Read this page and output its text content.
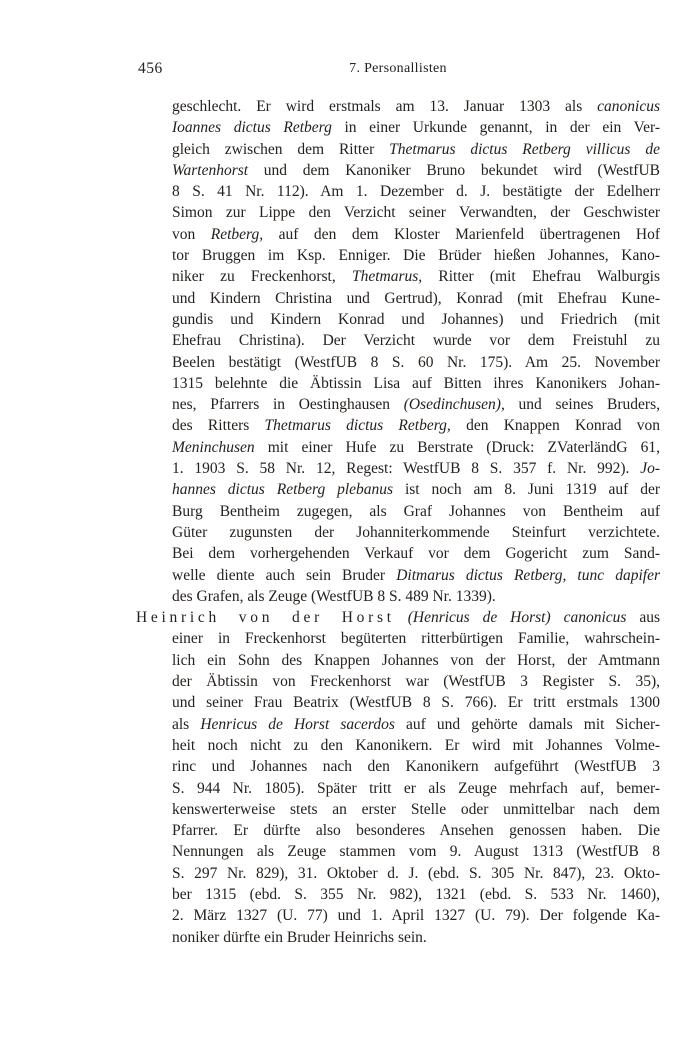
456	7. Personallisten
geschlecht. Er wird erstmals am 13. Januar 1303 als canonicus
Ioannes dictus Retberg in einer Urkunde genannt, in der ein Ver-
gleich zwischen dem Ritter Thetmarus dictus Retberg villicus de
Wartenhorst und dem Kanoniker Bruno bekundet wird (WestfUB
8 S. 41 Nr. 112). Am 1. Dezember d. J. bestätigte der Edelherr
Simon zur Lippe den Verzicht seiner Verwandten, der Geschwister
von Retberg, auf den dem Kloster Marienfeld übertragenen Hof
tor Bruggen im Ksp. Enniger. Die Brüder hießen Johannes, Kano-
niker zu Freckenhorst, Thetmarus, Ritter (mit Ehefrau Walburgis
und Kindern Christina und Gertrud), Konrad (mit Ehefrau Kune-
gundis und Kindern Konrad und Johannes) und Friedrich (mit
Ehefrau Christina). Der Verzicht wurde vor dem Freistuhl zu
Beelen bestätigt (WestfUB 8 S. 60 Nr. 175). Am 25. November
1315 belehnte die Äbtissin Lisa auf Bitten ihres Kanonikers Johan-
nes, Pfarrers in Oestinghausen (Osedinchusen), und seines Bruders,
des Ritters Thetmarus dictus Retberg, den Knappen Konrad von
Meninchusen mit einer Hufe zu Berstrate (Druck: ZVaterländG 61,
1. 1903 S. 58 Nr. 12, Regest: WestfUB 8 S. 357 f. Nr. 992). Jo-
hannes dictus Retberg plebanus ist noch am 8. Juni 1319 auf der
Burg Bentheim zugegen, als Graf Johannes von Bentheim auf
Güter zugunsten der Johanniterkommende Steinfurt verzichtete.
Bei dem vorhergehenden Verkauf vor dem Gogericht zum Sand-
welle diente auch sein Bruder Ditmarus dictus Retberg, tunc dapifer
des Grafen, als Zeuge (WestfUB 8 S. 489 Nr. 1339).
Heinrich von der Horst (Henricus de Horst) canonicus aus
einer in Freckenhorst begüterten ritterbürtigen Familie, wahrschein-
lich ein Sohn des Knappen Johannes von der Horst, der Amtmann
der Äbtissin von Freckenhorst war (WestfUB 3 Register S. 35),
und seiner Frau Beatrix (WestfUB 8 S. 766). Er tritt erstmals 1300
als Henricus de Horst sacerdos auf und gehörte damals mit Sicher-
heit noch nicht zu den Kanonikern. Er wird mit Johannes Volme-
rinc und Johannes nach den Kanonikern aufgeführt (WestfUB 3
S. 944 Nr. 1805). Später tritt er als Zeuge mehrfach auf, bemer-
kenswerterweise stets an erster Stelle oder unmittelbar nach dem
Pfarrer. Er dürfte also besonderes Ansehen genossen haben. Die
Nennungen als Zeuge stammen vom 9. August 1313 (WestfUB 8
S. 297 Nr. 829), 31. Oktober d. J. (ebd. S. 305 Nr. 847), 23. Okto-
ber 1315 (ebd. S. 355 Nr. 982), 1321 (ebd. S. 533 Nr. 1460),
2. März 1327 (U. 77) und 1. April 1327 (U. 79). Der folgende Ka-
noniker dürfte ein Bruder Heinrichs sein.
